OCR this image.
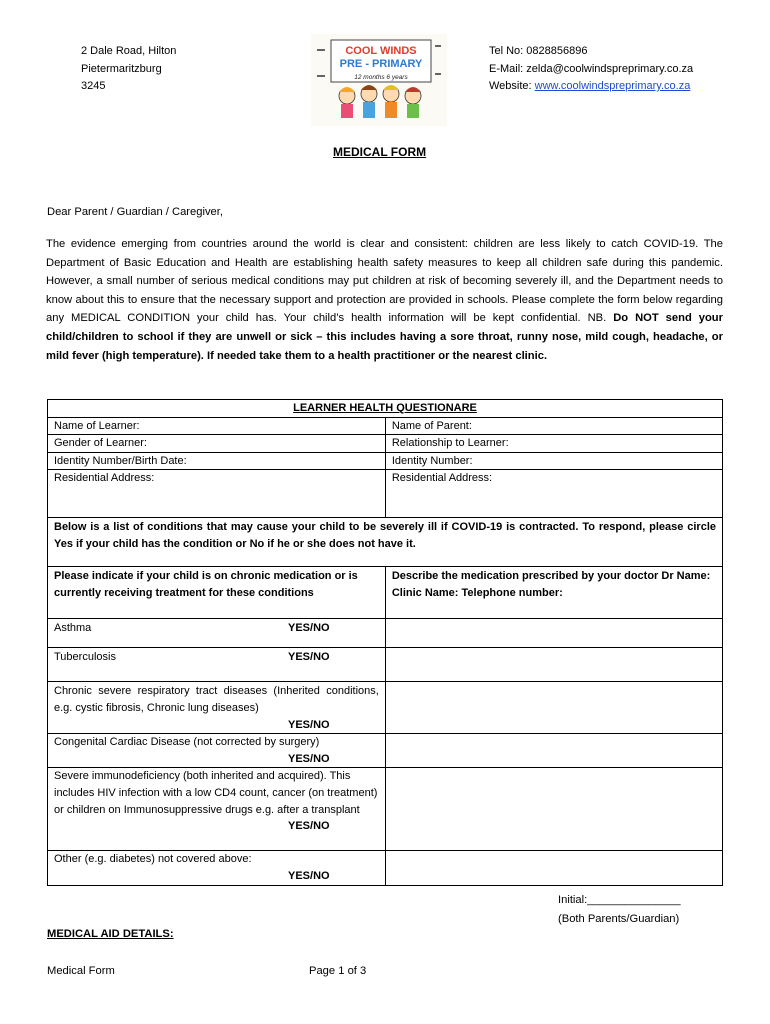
2 Dale Road, Hilton
Pietermaritzburg
3245
COOL WINDS
PRE - PRIMARY
12 months 6 years
Tel No: 0828856896
E-Mail: zelda@coolwindspreprimary.co.za
Website: www.coolwindspreprimary.co.za
MEDICAL FORM
Dear Parent / Guardian / Caregiver,
The evidence emerging from countries around the world is clear and consistent: children are less likely to catch COVID-19. The Department of Basic Education and Health are establishing health safety measures to keep all children safe during this pandemic. However, a small number of serious medical conditions may put children at risk of becoming severely ill, and the Department needs to know about this to ensure that the necessary support and protection are provided in schools. Please complete the form below regarding any MEDICAL CONDITION your child has. Your child’s health information will be kept confidential. NB. Do NOT send your child/children to school if they are unwell or sick – this includes having a sore throat, runny nose, mild cough, headache, or mild fever (high temperature). If needed take them to a health practitioner or the nearest clinic.
LEARNER HEALTH QUESTIONARE	
Name of Learner:	Name of Parent:
Gender of Learner:	Relationship to Learner:
Identity Number/Birth Date:	Identity Number:
Residential Address:	Residential Address:
Below is a list of conditions that may cause your child to be severely ill if COVID-19 is contracted. To respond, please circle Yes if your child has the condition or No if he or she does not have it.	
Please indicate if your child is on chronic medication or is currently receiving treatment for these conditions	Describe the medication prescribed by your doctor Dr Name: Clinic Name: Telephone number:

Asthma YES/NO	

Tuberculosis YES/NO	

Chronic severe respiratory tract diseases (Inherited conditions, e.g. cystic fibrosis, Chronic lung diseases)
YES/NO	

Congenital Cardiac Disease (not corrected by surgery)
YES/NO	

Severe immunodeficiency (both inherited and acquired). This includes HIV infection with a low CD4 count, cancer (on treatment) or children on Immunosuppressive drugs e.g. after a transplant
YES/NO	

Other (e.g. diabetes) not covered above:
YES/NO	

Initial:_______________
(Both Parents/Guardian)
MEDICAL AID DETAILS:
Medical Form	Page 1 of 3
